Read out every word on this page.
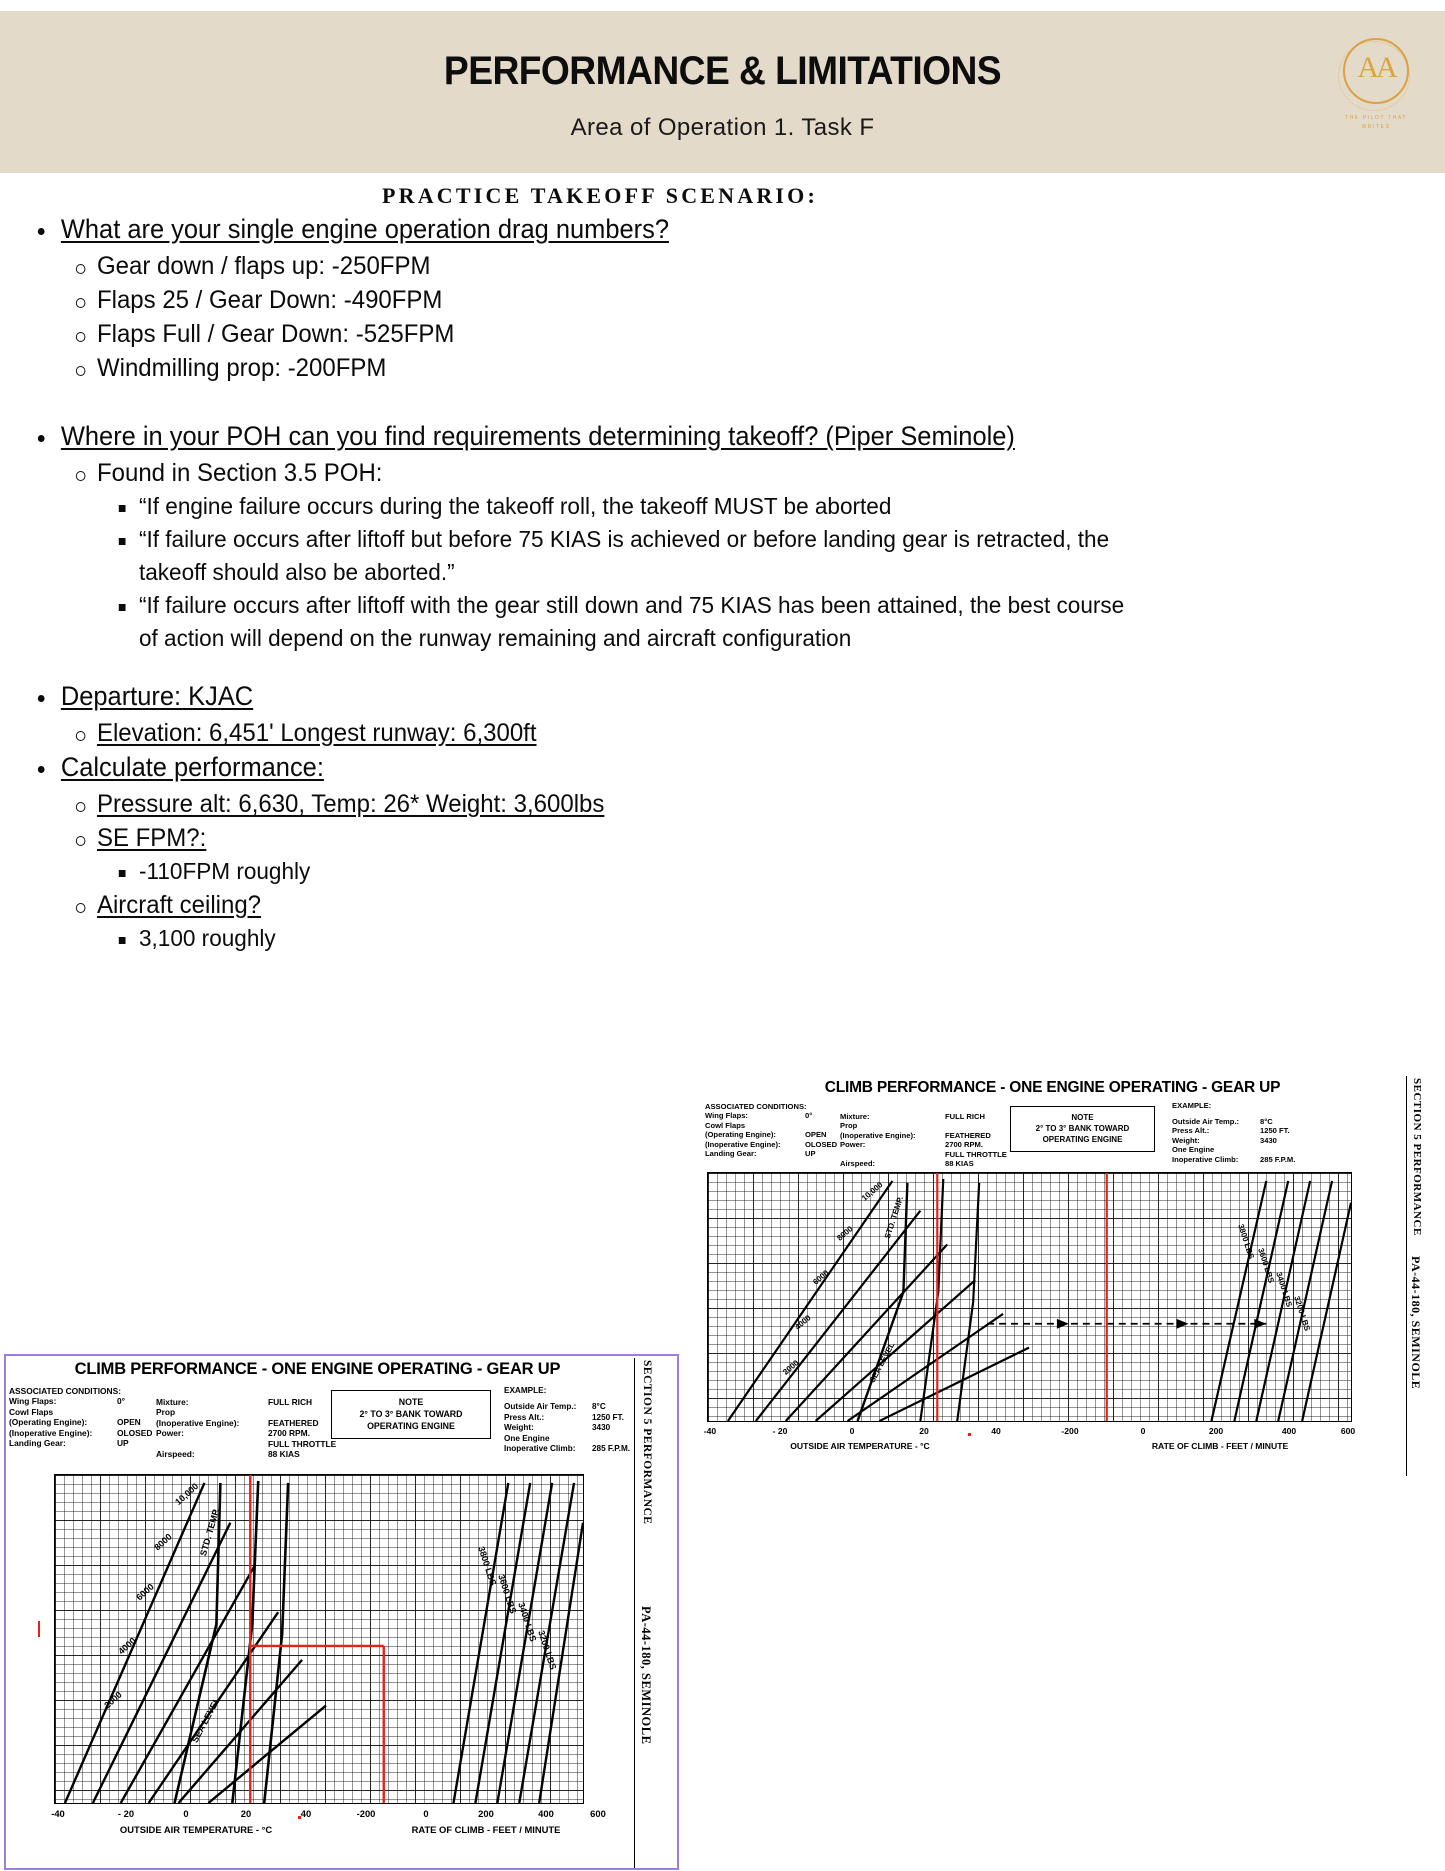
PERFORMANCE & LIMITATIONS
Area of Operation 1. Task F
AA
THE PILOT THAT WRITES
PRACTICE TAKEOFF SCENARIO:
What are your single engine operation drag numbers?
Gear down / flaps up: -250FPM
Flaps 25 / Gear Down: -490FPM
Flaps Full / Gear Down: -525FPM
Windmilling prop: -200FPM
Where in your POH can you find requirements determining takeoff? (Piper Seminole)
Found in Section 3.5 POH:
“If engine failure occurs during the takeoff roll, the takeoff MUST be aborted
“If failure occurs after liftoff but before 75 KIAS is achieved or before landing gear is retracted, the takeoff should also be aborted.”
“If failure occurs after liftoff with the gear still down and 75 KIAS has been attained, the best course of action will depend on the runway remaining and aircraft configuration
Departure: KJAC
Elevation: 6,451' Longest runway: 6,300ft
Calculate performance:
Pressure alt: 6,630, Temp: 26* Weight: 3,600lbs
SE FPM?:
-110FPM roughly
Aircraft ceiling?
3,100 roughly
CLIMB PERFORMANCE - ONE ENGINE OPERATING - GEAR UP
ASSOCIATED CONDITIONS:
Wing Flaps:	0°
Cowl Flaps
(Operating Engine):	OPEN
(Inoperative Engine):	OLOSED
Landing Gear:	UP
Mixture:	FULL RICH
Prop
(Inoperative Engine):	FEATHERED
Power:	2700 RPM.
FULL THROTTLE
Airspeed:	88 KIAS
NOTE
2° TO 3° BANK TOWARD
OPERATING ENGINE
EXAMPLE:
Outside Air Temp.:	8°C
Press Alt.:	1250 FT.
Weight:	3430
One Engine
Inoperative Climb:	285 F.P.M.
10,000
8000
6000
4000
2000	SEA LEVEL
STD. TEMP.
3800 LBS
3600 LBS
3400 LBS
3200 LBS
-40	- 20	0	20	40	-200	0	200	400	600
OUTSIDE AIR TEMPERATURE - °C	RATE OF CLIMB - FEET / MINUTE
SECTION 5 PERFORMANCE
PA-44-180, SEMINOLE
CLIMB PERFORMANCE - ONE ENGINE OPERATING - GEAR UP
ASSOCIATED CONDITIONS:
Wing Flaps:	0°
Cowl Flaps
(Operating Engine):	OPEN
(Inoperative Engine):	OLOSED
Landing Gear:	UP
Mixture:	FULL RICH
Prop
(Inoperative Engine):	FEATHERED
Power:	2700 RPM.
FULL THROTTLE
Airspeed:	88 KIAS
NOTE
2° TO 3° BANK TOWARD
OPERATING ENGINE
EXAMPLE:
Outside Air Temp.:	8°C
Press Alt.:	1250 FT.
Weight:	3430
One Engine
Inoperative Climb:	285 F.P.M.
10,000
8000
6000
4000
2000	SEA LEVEL
STD. TEMP.
3800 LBS
3600 LBS
3400 LBS
3200 LBS
-40	- 20	0	20	40	-200	0	200	400	600
OUTSIDE AIR TEMPERATURE - °C	RATE OF CLIMB - FEET / MINUTE
SECTION 5 PERFORMANCE
PA-44-180, SEMINOLE
